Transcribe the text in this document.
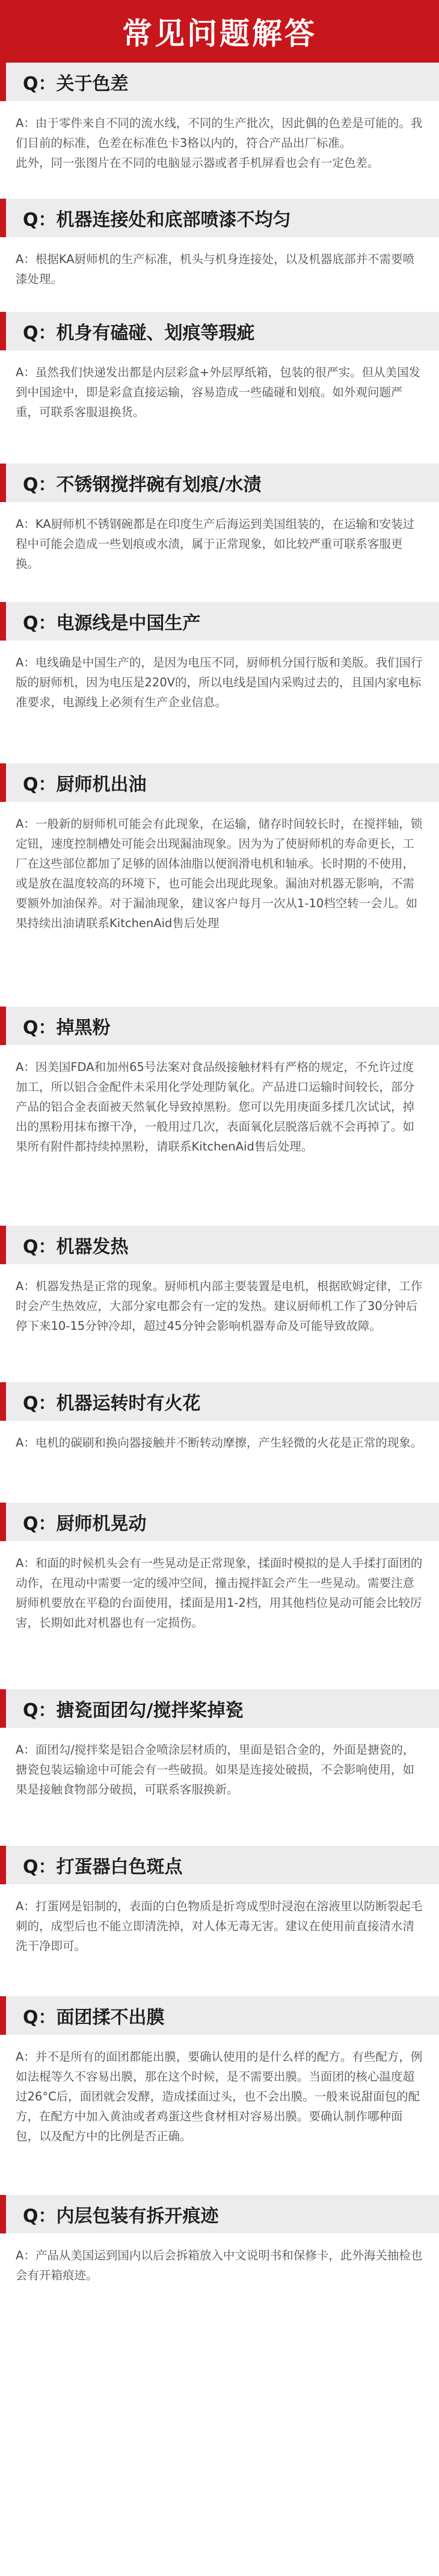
常见问题解答
Q：关于色差
A：由于零件来自不同的流水线，不同的生产批次，因此偶的色差是可能的。我们目前的标准，色差在标准色卡3格以内的，符合产品出厂标准。
此外，同一张图片在不同的电脑显示器或者手机屏看也会有一定色差。
Q：机器连接处和底部喷漆不均匀
A：根据KA厨师机的生产标准，机头与机身连接处，以及机器底部并不需要喷漆处理。
Q：机身有磕碰、划痕等瑕疵
A：虽然我们快递发出都是内层彩盒+外层厚纸箱，包装的很严实。但从美国发到中国途中，即是彩盒直接运输，容易造成一些磕碰和划痕。如外观问题严重，可联系客服退换货。
Q：不锈钢搅拌碗有划痕/水渍
A：KA厨师机不锈钢碗都是在印度生产后海运到美国组装的，在运输和安装过程中可能会造成一些划痕或水渍，属于正常现象，如比较严重可联系客服更换。
Q：电源线是中国生产
A：电线确是中国生产的，是因为电压不同，厨师机分国行版和美版。我们国行版的厨师机，因为电压是220V的，所以电线是国内采购过去的，且国内家电标准要求，电源线上必须有生产企业信息。
Q：厨师机出油
A：一般新的厨师机可能会有此现象，在运输，储存时间较长时，在搅拌轴，锁定钮，速度控制槽处可能会出现漏油现象。因为为了使厨师机的寿命更长，工厂在这些部位都加了足够的固体油脂以便润滑电机和轴承。长时期的不使用，或是放在温度较高的环境下，也可能会出现此现象。漏油对机器无影响，不需要额外加油保养。对于漏油现象，建议客户每月一次从1-10档空转一会儿。如果持续出油请联系KitchenAid售后处理
Q：掉黑粉
A：因美国FDA和加州65号法案对食品级接触材料有严格的规定，不允许过度加工，所以铝合金配件未采用化学处理防氧化。产品进口运输时间较长，部分产品的铝合金表面被天然氧化导致掉黑粉。您可以先用庚面多揉几次试试，掉出的黑粉用抹布擦干净，一般用过几次，表面氧化层脱落后就不会再掉了。如果所有附件都持续掉黑粉，请联系KitchenAid售后处理。
Q：机器发热
A：机器发热是正常的现象。厨师机内部主要装置是电机，根据欧姆定律，工作时会产生热效应，大部分家电都会有一定的发热。建议厨师机工作了30分钟后停下来10-15分钟冷却，超过45分钟会影响机器寿命及可能导致故障。
Q：机器运转时有火花
A：电机的碳刷和换向器接触并不断转动摩擦，产生轻微的火花是正常的现象。
Q：厨师机晃动
A：和面的时候机头会有一些晃动是正常现象，揉面时模拟的是人手揉打面团的动作，在甩动中需要一定的缓冲空间，撞击搅拌缸会产生一些晃动。需要注意厨师机要放在平稳的台面使用，揉面是用1-2档，用其他档位晃动可能会比较厉害，长期如此对机器也有一定损伤。
Q：搪瓷面团勾/搅拌桨掉瓷
A：面团勾/搅拌桨是铝合金喷涂层材质的，里面是铝合金的，外面是搪瓷的，搪瓷包装运输途中可能会有一些破损。如果是连接处破损，不会影响使用，如果是接触食物部分破损，可联系客服换新。
Q：打蛋器白色斑点
A：打蛋网是铝制的，表面的白色物质是折弯成型时浸泡在溶液里以防断裂起毛刺的，成型后也不能立即清洗掉，对人体无毒无害。建议在使用前直接清水清洗干净即可。
Q：面团揉不出膜
A：并不是所有的面团都能出膜，要确认使用的是什么样的配方。有些配方，例如法棍等久不容易出膜，那在这个时候，是不需要出膜。当面团的核心温度超过26°C后，面团就会发酵，造成揉面过头，也不会出膜。一般来说甜面包的配方，在配方中加入黄油或者鸡蛋这些食材相对容易出膜。要确认制作哪种面包，以及配方中的比例是否正确。
Q：内层包装有拆开痕迹
A：产品从美国运到国内以后会拆箱放入中文说明书和保修卡，此外海关抽检也会有开箱痕迹。
